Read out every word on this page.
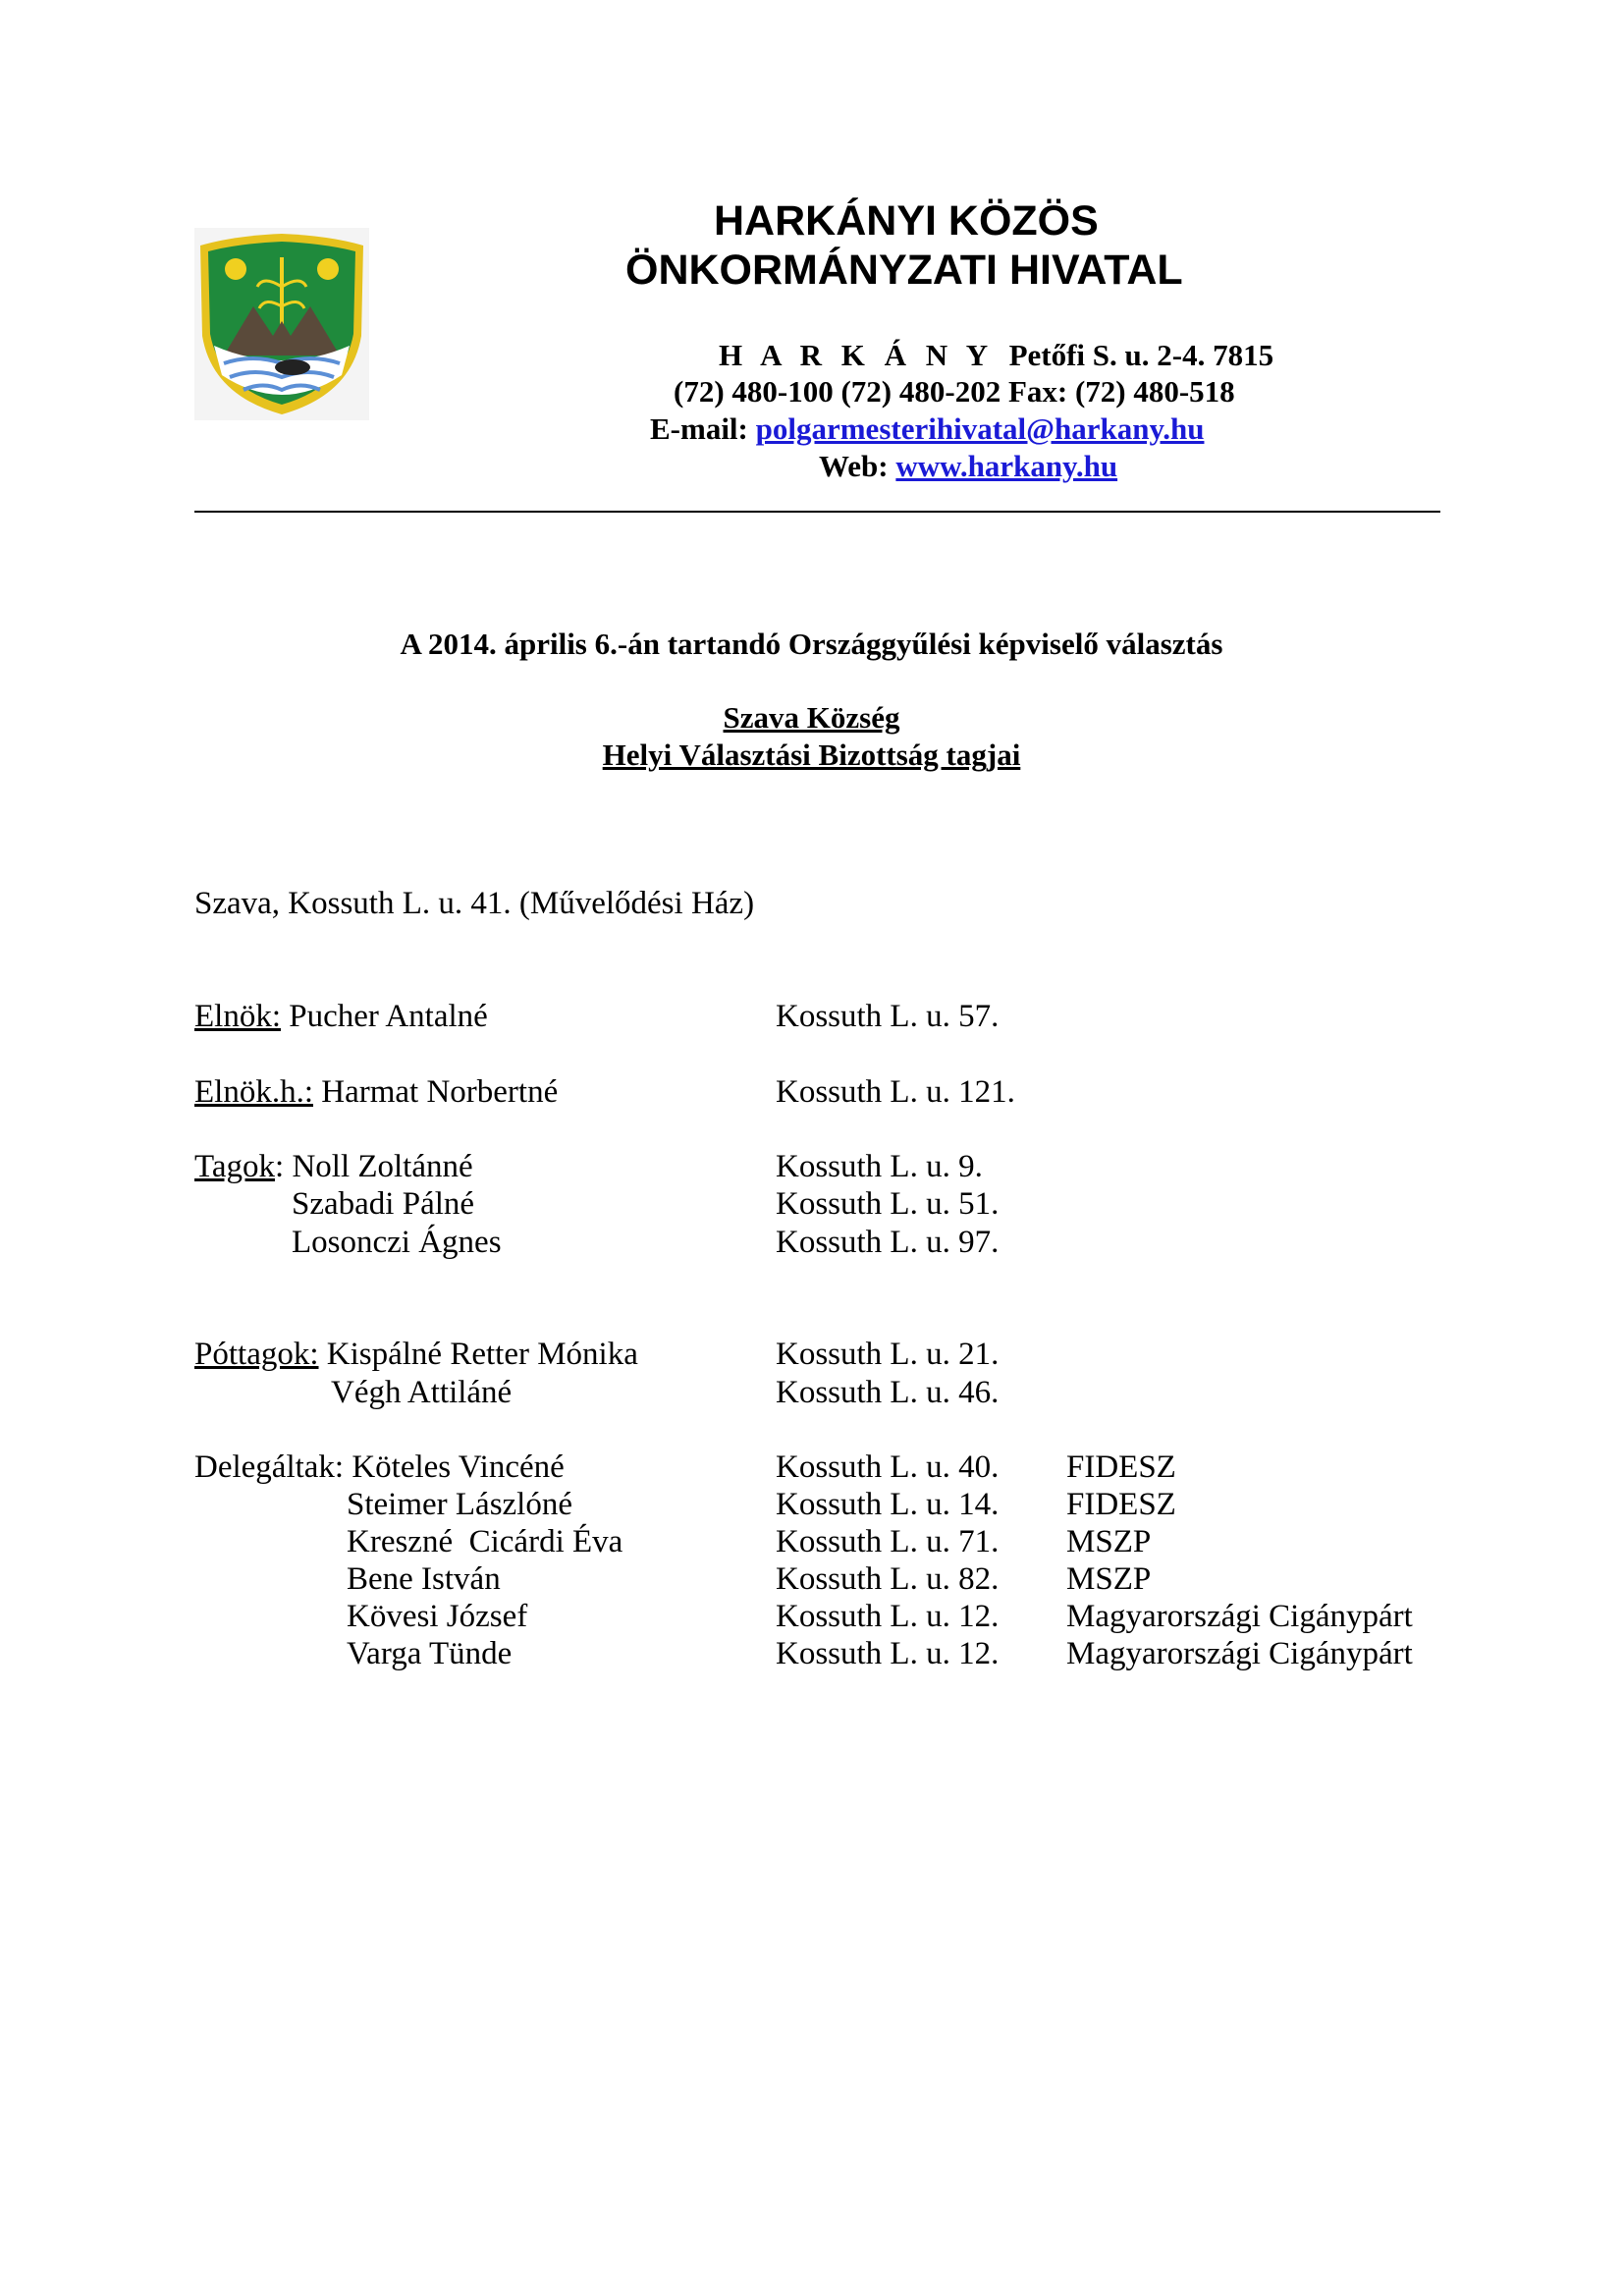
HARKÁNYI KÖZÖS
ÖNKORMÁNYZATI HIVATAL
H A R K Á N Y Petőfi S. u. 2-4. 7815
(72) 480-100 (72) 480-202 Fax: (72) 480-518
E-mail: polgarmesterihivatal@harkany.hu
Web: www.harkany.hu
A 2014. április 6.-án tartandó Országgyűlési képviselő választás
Szava Község
Helyi Választási Bizottság tagjai
Szava, Kossuth L. u. 41. (Művelődési Ház)
Elnök: Pucher Antalné	Kossuth L. u. 57.
Elnök.h.: Harmat Norbertné	Kossuth L. u. 121.
Tagok: Noll Zoltánné	Kossuth L. u. 9.
Szabadi Pálné	Kossuth L. u. 51.
Losonczi Ágnes	Kossuth L. u. 97.
Póttagok: Kispálné Retter Mónika	Kossuth L. u. 21.
Végh Attiláné	Kossuth L. u. 46.
Delegáltak: Köteles Vincéné	Kossuth L. u. 40. FIDESZ
Steimer Lászlóné	Kossuth L. u. 14. FIDESZ
Kreszné  Cicárdi Éva	Kossuth L. u. 71. MSZP
Bene István	Kossuth L. u. 82. MSZP
Kövesi József	Kossuth L. u. 12. Magyarországi Cigánypárt
Varga Tünde	Kossuth L. u. 12. Magyarországi Cigánypárt
